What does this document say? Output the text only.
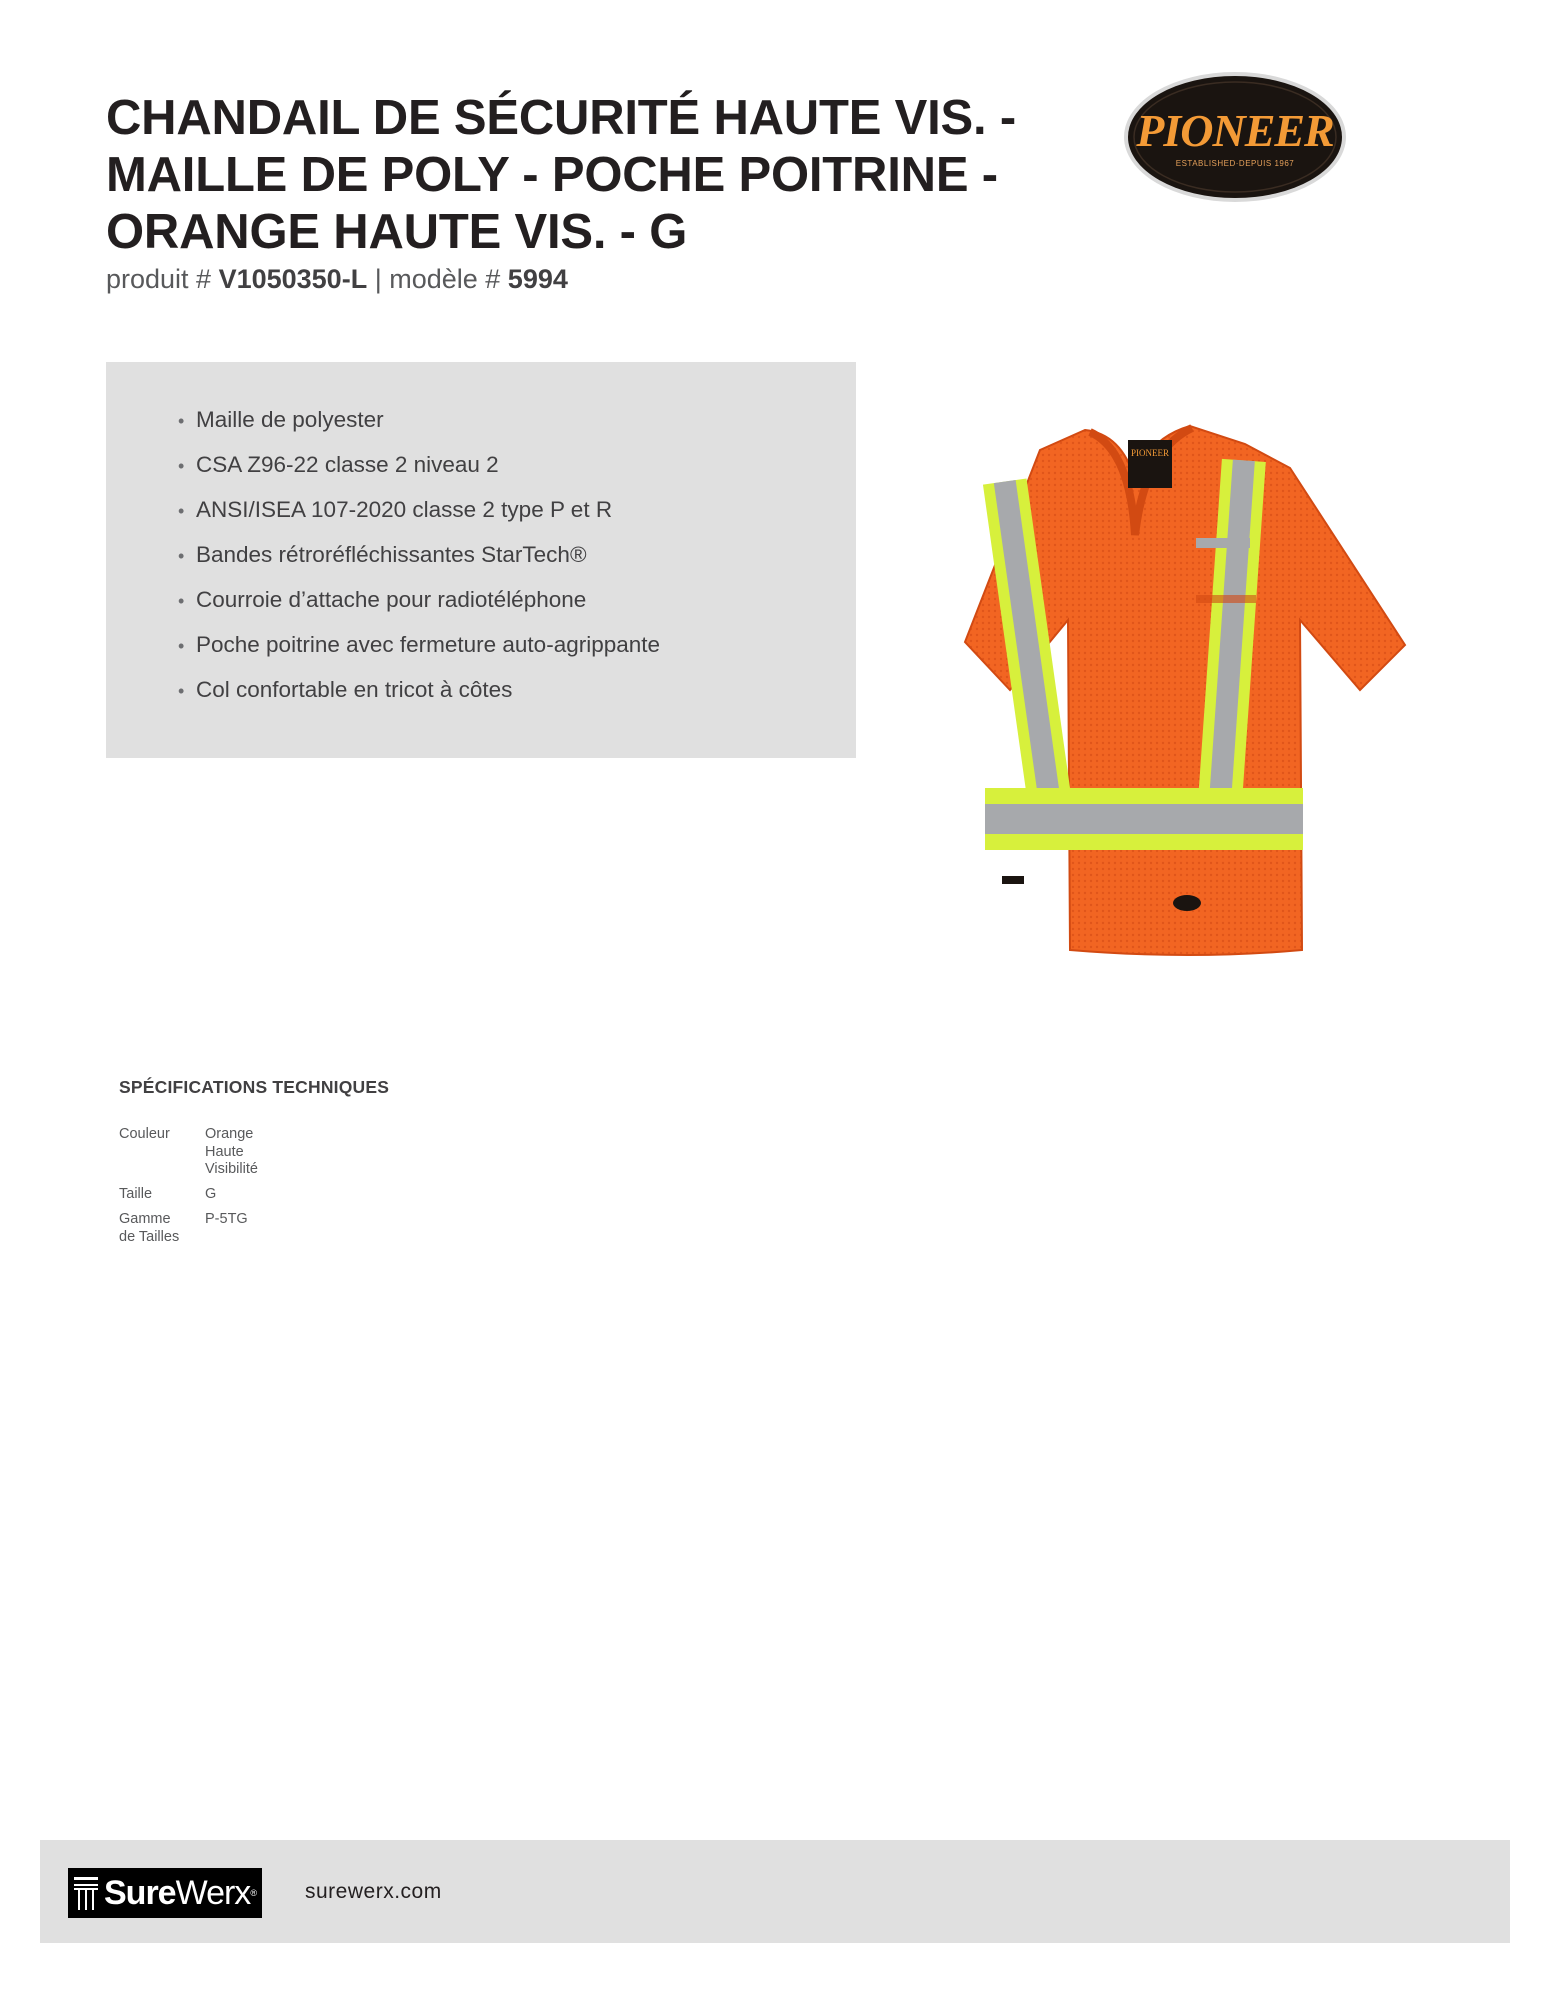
CHANDAIL DE SÉCURITÉ HAUTE VIS. -
MAILLE DE POLY - POCHE POITRINE -
ORANGE HAUTE VIS. - G
produit # V1050350-L | modèle # 5994
PIONEER
ESTABLISHED·DEPUIS 1967
• Maille de polyester
• CSA Z96-22 classe 2 niveau 2
• ANSI/ISEA 107-2020 classe 2 type P et R
• Bandes rétroréfléchissantes StarTech®
• Courroie d’attache pour radiotéléphone
• Poche poitrine avec fermeture auto-agrippante
• Col confortable en tricot à côtes
PIONEER
SPÉCIFICATIONS TECHNIQUES
Couleur	Orange Haute Visibilité
Taille	G
Gamme de Tailles
P-5TG
SureWerx® surewerx.com
